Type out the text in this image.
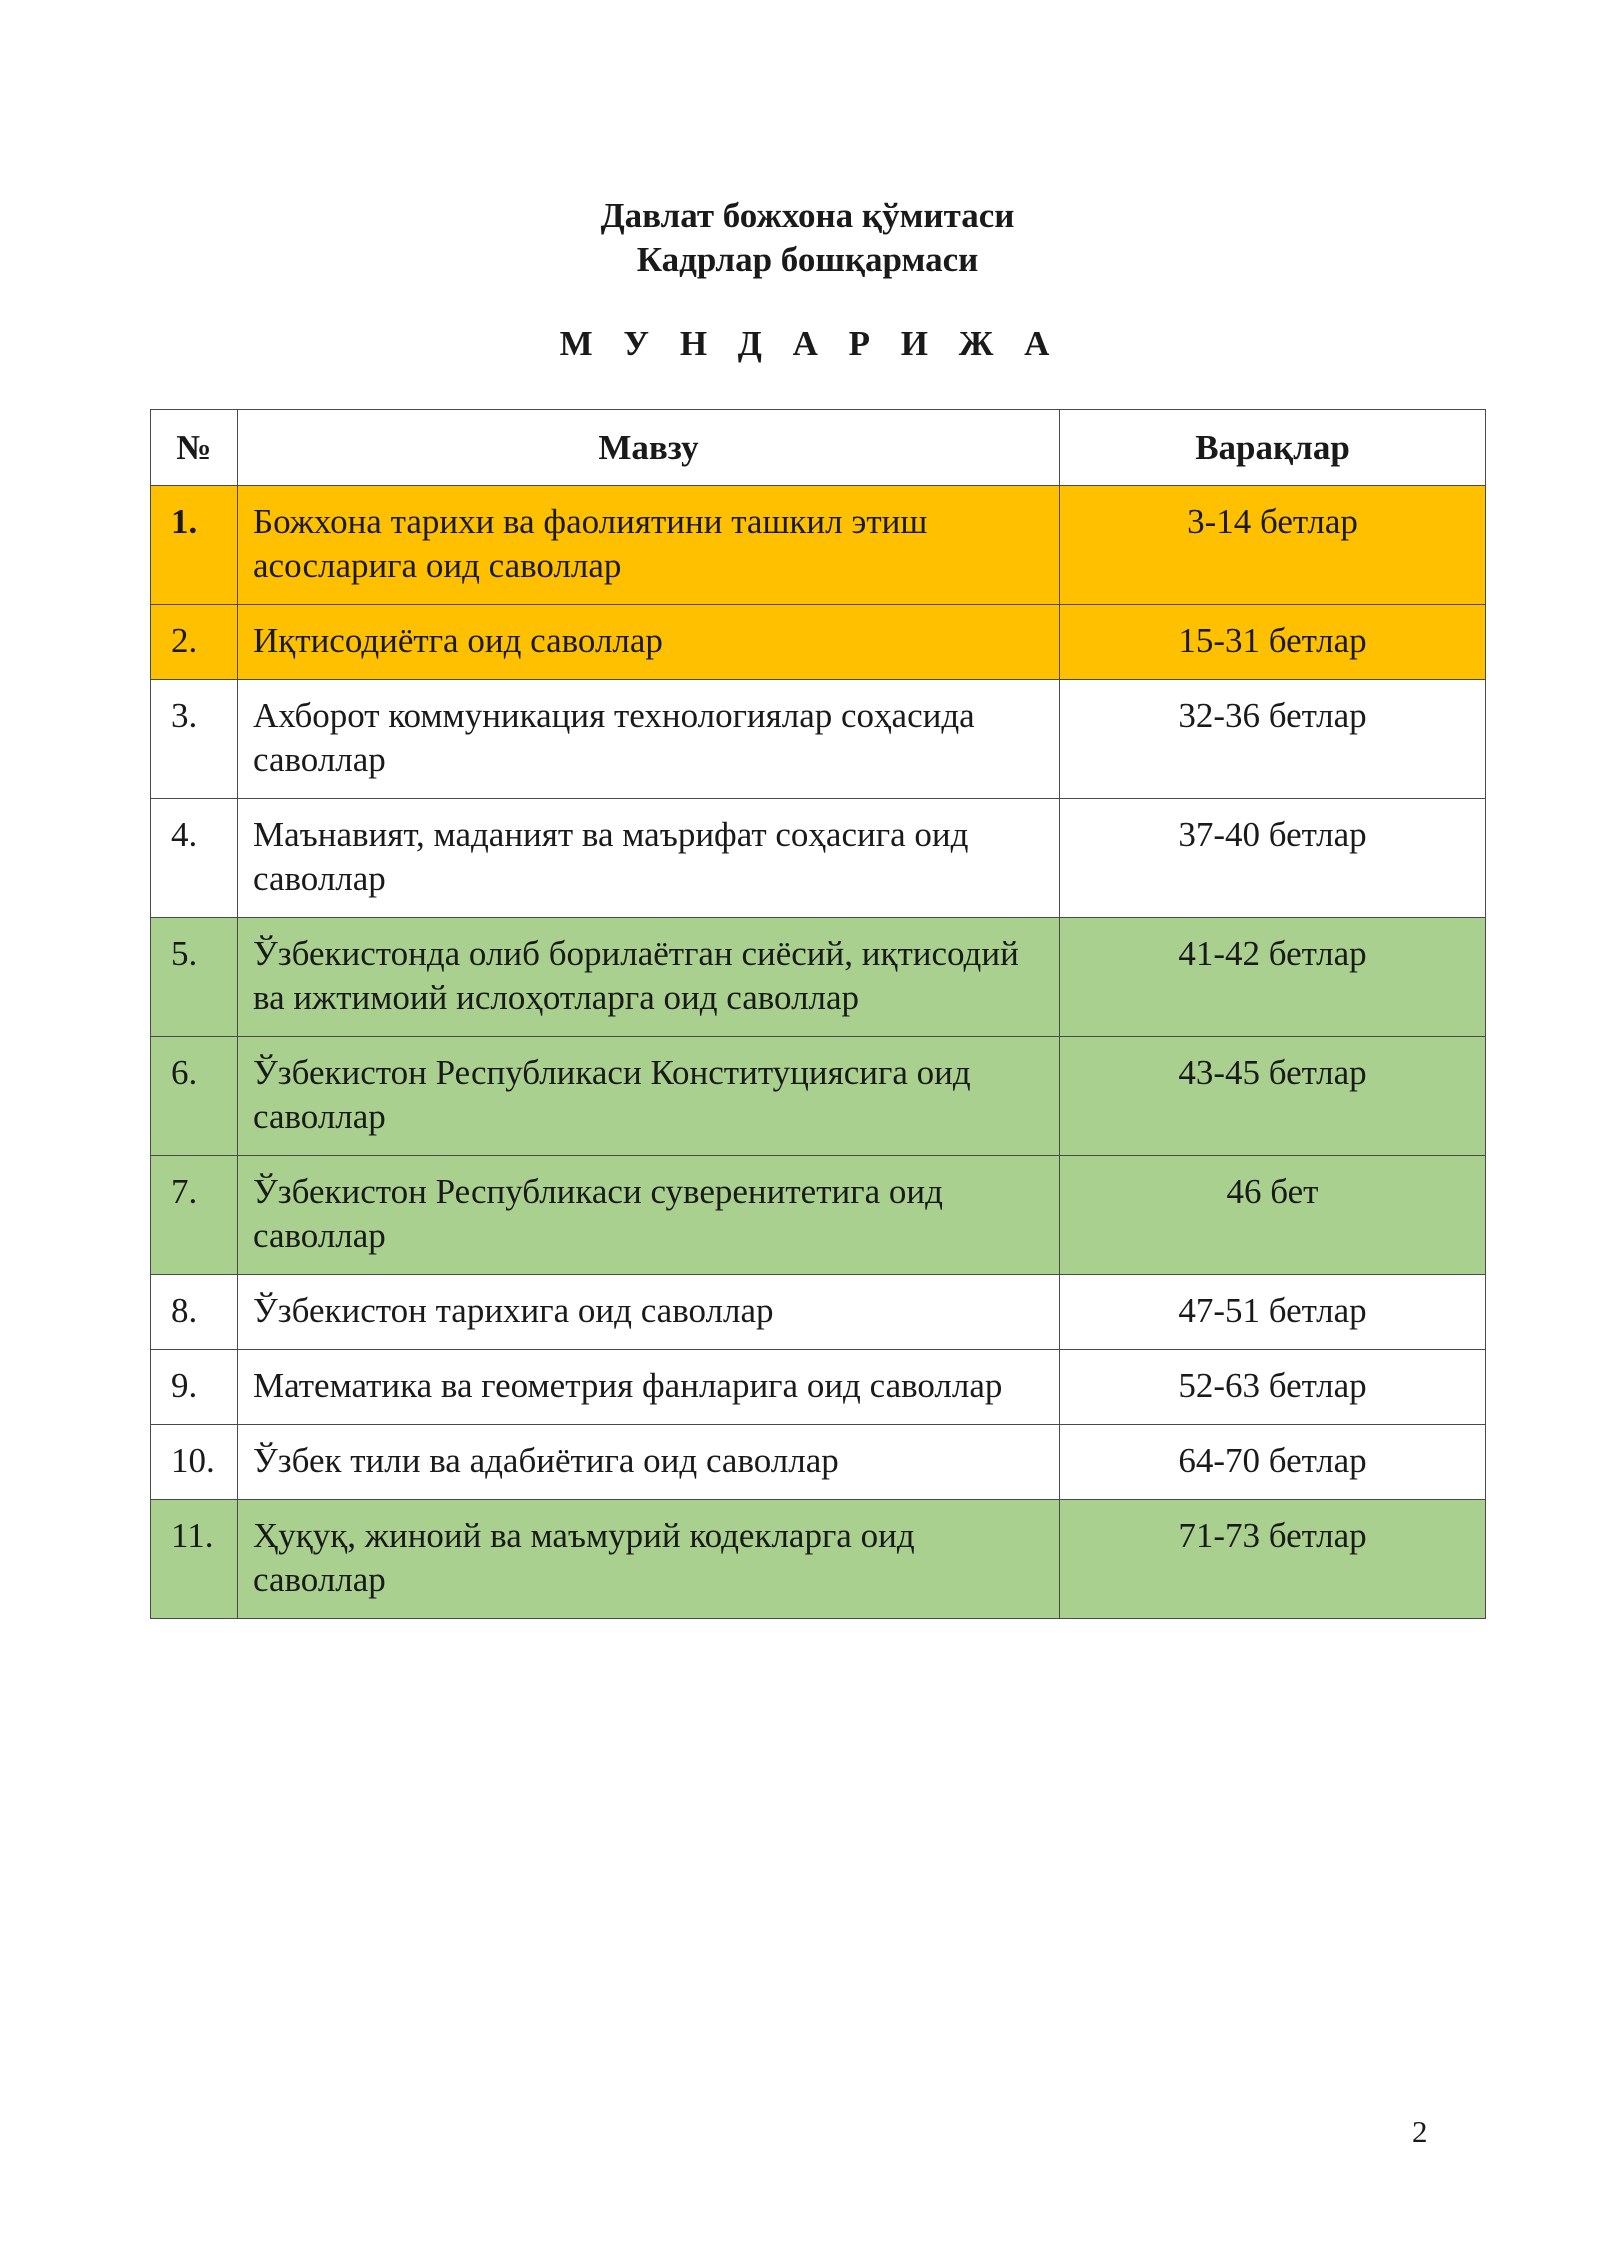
Давлат божхона қўмитаси
Кадрлар бошқармаси
М У Н Д А Р И Ж А
№	Мавзу	Варақлар
1.	Божхона тарихи ва фаолиятини ташкил этиш асосларига оид саволлар	3-14 бетлар
2.	Иқтисодиётга оид саволлар	15-31 бетлар
3.	Ахборот коммуникация технологиялар соҳасида саволлар	32-36 бетлар
4.	Маънавият, маданият ва маърифат соҳасига оид саволлар	37-40 бетлар
5.	Ўзбекистонда олиб борилаётган сиёсий, иқтисодий ва ижтимоий ислоҳотларга оид саволлар	41-42 бетлар
6.	Ўзбекистон Республикаси Конституциясига оид саволлар	43-45 бетлар
7.	Ўзбекистон Республикаси суверенитетига оид саволлар	46 бет
8.	Ўзбекистон тарихига оид саволлар	47-51 бетлар
9.	Математика ва геометрия фанларига оид саволлар	52-63 бетлар
10.	Ўзбек тили ва адабиётига оид саволлар	64-70 бетлар
11.	Ҳуқуқ, жиноий ва маъмурий кодекларга оид саволлар	71-73 бетлар
2
